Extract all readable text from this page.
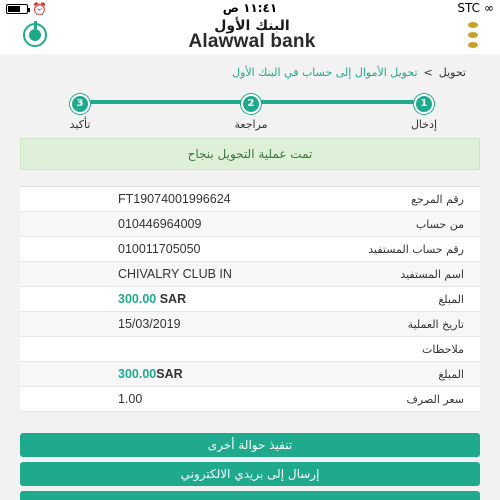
⏰	١١:٤١ ص	STC ∞
البنك الأول
Alawwal bank
تحويل>تحويل الأموال إلى حساب في البنك الأول
3
تأكيد
2
مراجعة
1
إدخال
تمت عملية التحويل بنجاح
رقم المرجع
FT19074001996624
من حساب
010446964009
رقم حساب المستفيد
010011705050
اسم المستفيد
CHIVALRY CLUB IN
المبلغ
300.00 SAR
تاريخ العملية
15/03/2019
ملاحظات
المبلغ
300.00SAR
سعر الصرف
1.00
تنفيذ حوالة أخرى
إرسال إلى بريدي الالكتروني
